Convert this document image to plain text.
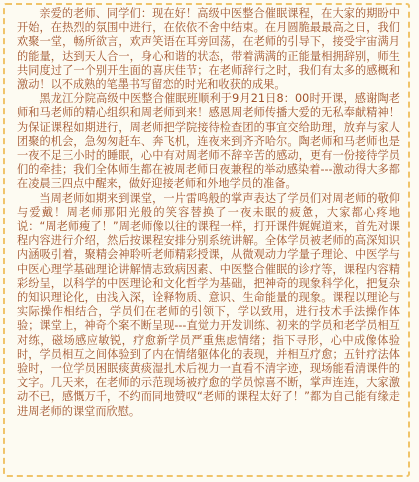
亲爱的老师、同学们：现在好！高级中医整合催眠课程，在大家的期盼中开始，在热烈的氛围中进行，在依依不舍中结束。在月圆脆最最高之日，我们欢聚一堂，畅所欲言，欢声笑语在耳旁回荡，在老师的引导下，接受宇宙满月的能量，达到天人合一，身心和谐的状态，带着满满的正能量相拥辞别，师生共同度过了一个别开生面的喜庆佳节；在老师辞行之时，我们有太多的感概和激动！以不成熟的笔墨书写留恋的时光和收获的成果。

黑龙江分院高级中医整合催眠班顺利于9月21日8：00时开课，感谢陶老师和马老师的精心组织和周老师到来！感恩周老师传播大爱的无私奉献精神！为保证课程如期进行，周老师把学院接待检查团的事宜交给助理，放弃与家人团聚的机会，急匆匆赶车、奔飞机，连夜来到齐齐哈尔。陶老师和马老师也是一夜不足三小时的睡眠，心中有对周老师不辞辛苦的感动，更有一份接待学员们的牵挂；我们全体师生都在被周老师日夜兼程的举动感染着---激动得大多都在凌晨三四点中醒来，做好迎接老师和外地学员的准备。

当周老师如期来到课堂，一片雷鸣般的掌声表达了学员们对周老师的敬仰与爱戴！周老师那阳光般的笑容替换了一夜未眠的疲惫，大家都心疼地说：“周老师瘦了！”周老师像以往的课程一样，打开课件娓娓道来，首先对课程内容进行介绍，然后按课程安排分别系统讲解。全体学员被老师的高深知识内涵吸引着，聚精会神聆听老师精彩授课，从微观动力学量子理论、中医学与中医心理学基础理论讲解情志致病因素、中医整合催眠的诊疗等，课程内容精彩纷呈，以科学的中医理论和文化哲学为基础，把神奇的现象科学化，把复杂的知识理论化，由浅入深，诠释物质、意识、生命能量的现象。课程以理论与实际操作相结合，学员们在老师的引领下，学以致用，进行技术手法操作体验；课堂上，神奇个案不断呈现---直觉力开发训练、初来的学员和老学员相互对练，磁场感应敏锐，疗愈新学员严重焦虑情绪；指下寻形，心中成像体验时，学员相互之间体验到了内在情绪躯体化的表现，并相互疗愈；五针疗法体验时，一位学员困眠痰黄痰湿扎术后视力一直看不清字迹，现场能看清课件的文字。几天来，在老师的示范现场被疗愈的学员惊喜不断，掌声连连，大家激动不已，感慨万千，不约而同地赞叹“老师的课程太好了！”都为自己能有缘走进周老师的课堂而欣慰。
